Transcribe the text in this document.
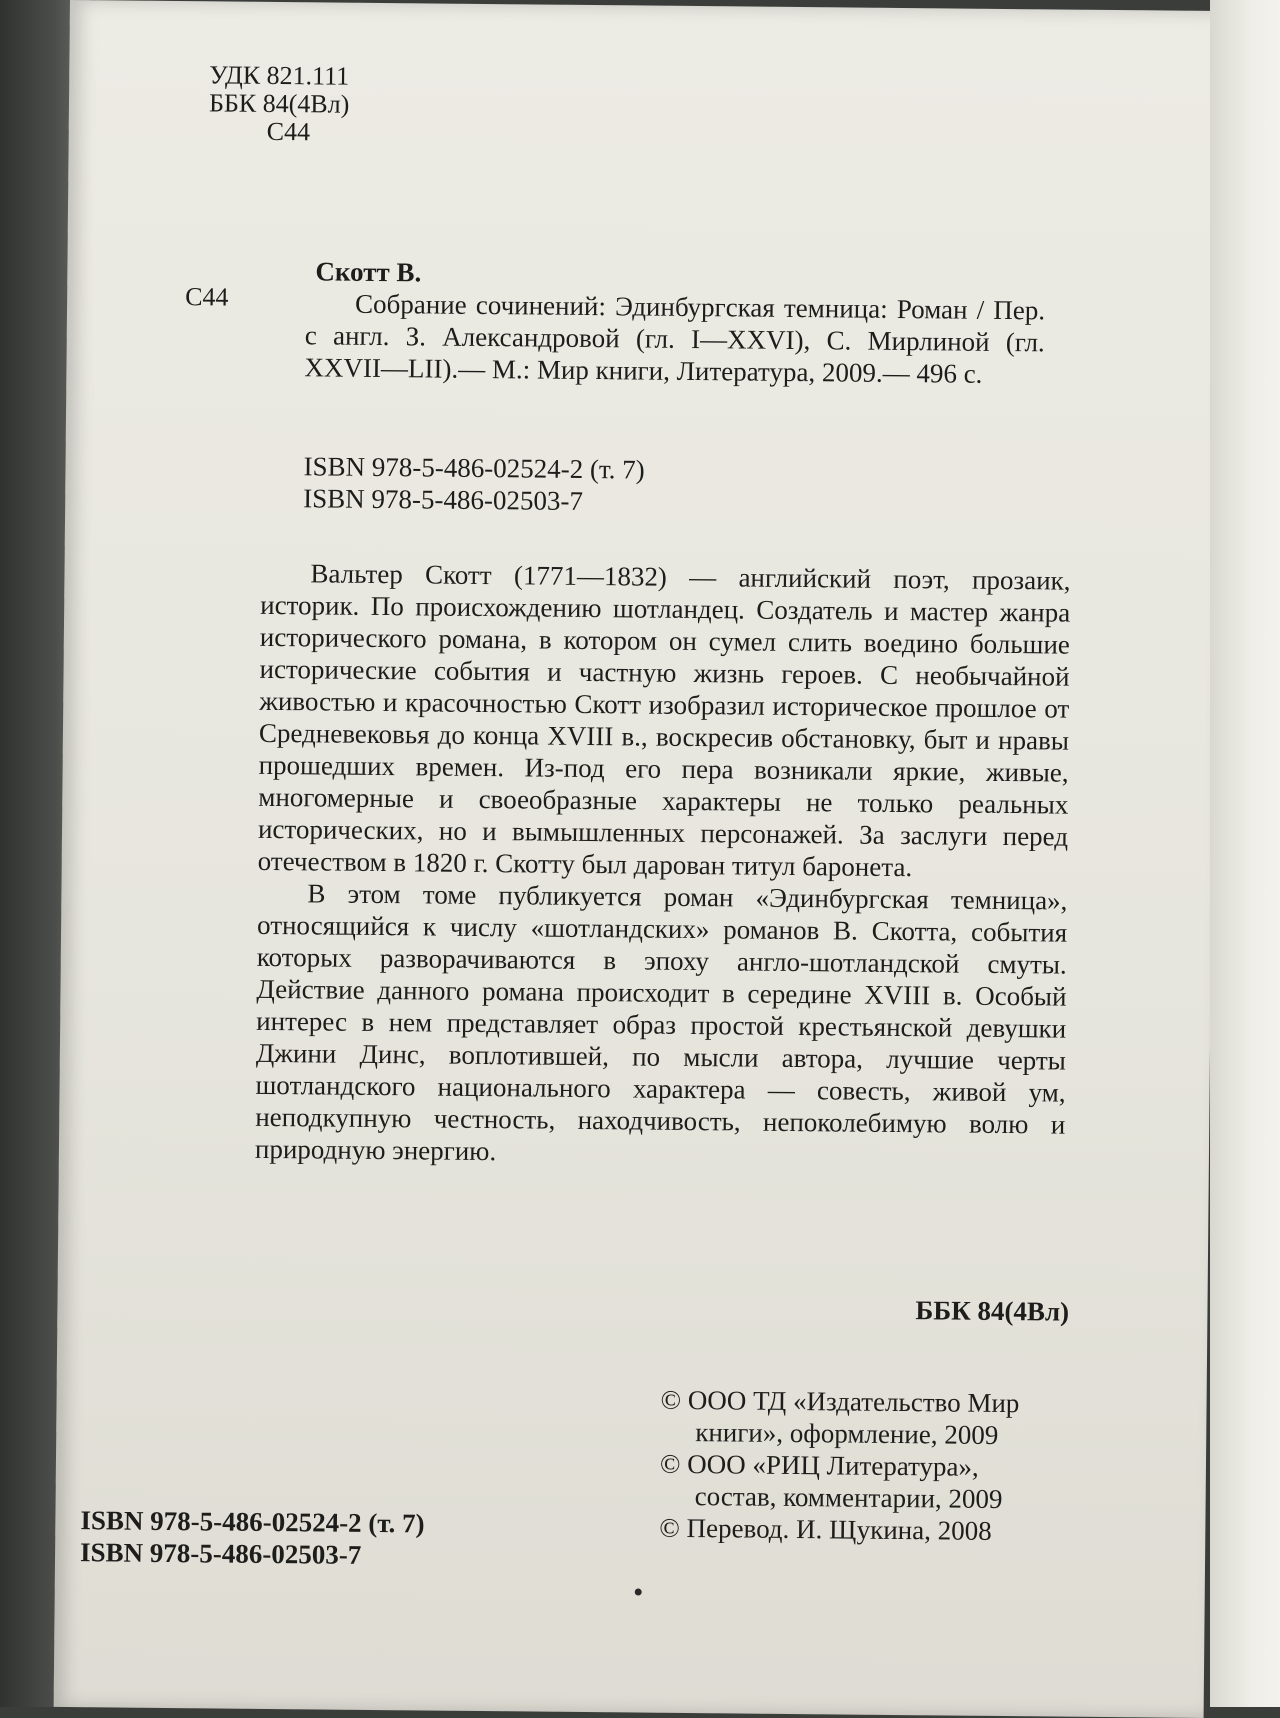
УДК 821.111
ББК 84(4Вл)
С44
С44
Скотт В.
Собрание сочинений: Эдинбургская темница: Роман / Пер. с англ. З. Александровой (гл. I—XXVI), С. Мирлиной (гл. XXVII—LII).— М.: Мир книги, Литература, 2009.— 496 с.
ISBN 978-5-486-02524-2 (т. 7)
ISBN 978-5-486-02503-7

Вальтер Скотт (1771—1832) — английский поэт, прозаик, историк. По происхождению шотландец. Создатель и мастер жанра исторического романа, в котором он сумел слить воедино большие исторические события и частную жизнь героев. С необычайной живостью и красочностью Скотт изобразил историческое прошлое от Средневековья до конца XVIII в., воскресив обстановку, быт и нравы прошедших времен. Из-под его пера возникали яркие, живые, многомерные и своеобразные характеры не только реальных исторических, но и вымышленных персонажей. За заслуги перед отечеством в 1820 г. Скотту был дарован титул баронета.

В этом томе публикуется роман «Эдинбургская темница», относящийся к числу «шотландских» романов В. Скотта, события которых разворачиваются в эпоху англо-шотландской смуты. Действие данного романа происходит в середине XVIII в. Особый интерес в нем представляет образ простой крестьянской девушки Джини Динс, воплотившей, по мысли автора, лучшие черты шотландского национального характера — совесть, живой ум, неподкупную честность, находчивость, непоколебимую волю и природную энергию.

ББК 84(4Вл)
ISBN 978-5-486-02524-2 (т. 7)
ISBN 978-5-486-02503-7
© ООО ТД «Издательство Мир
книги», оформление, 2009
© ООО «РИЦ Литература»,
состав, комментарии, 2009
© Перевод. И. Щукина, 2008
